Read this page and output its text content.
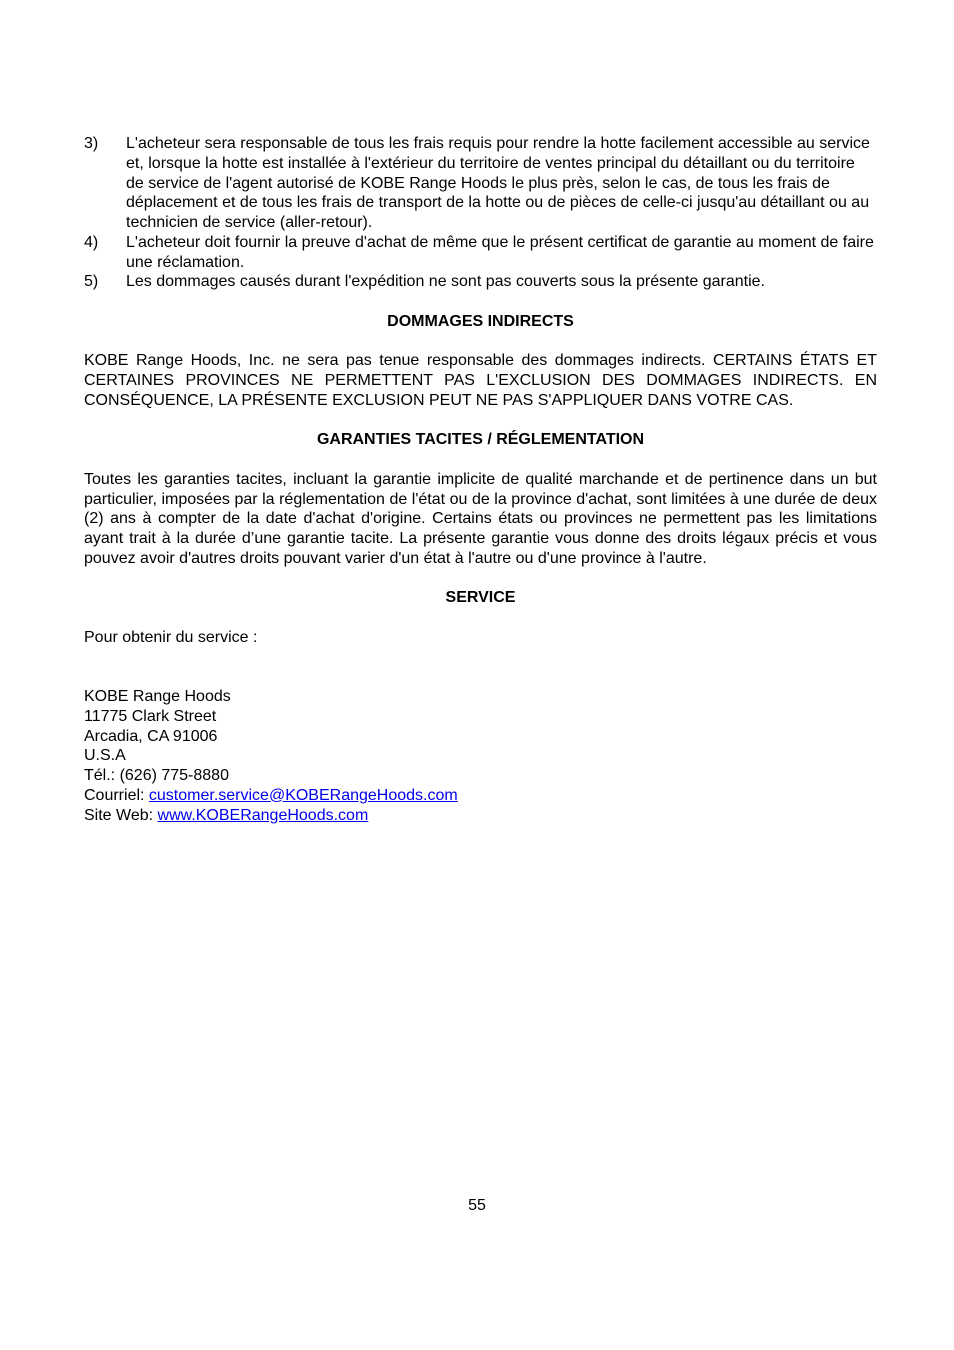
3)	L'acheteur sera responsable de tous les frais requis pour rendre la hotte facilement accessible au service et, lorsque la hotte est installée à l'extérieur du territoire de ventes principal du détaillant ou du territoire de service de l'agent autorisé de KOBE Range Hoods le plus près, selon le cas, de tous les frais de déplacement et de tous les frais de transport de la hotte ou de pièces de celle-ci jusqu'au détaillant ou au technicien de service (aller-retour).
4)	L'acheteur doit fournir la preuve d'achat de même que le présent certificat de garantie au moment de faire une réclamation.
5)	Les dommages causés durant l'expédition ne sont pas couverts sous la présente garantie.
DOMMAGES INDIRECTS

KOBE Range Hoods, Inc. ne sera pas tenue responsable des dommages indirects. CERTAINS ÉTATS ET CERTAINES PROVINCES NE PERMETTENT PAS L'EXCLUSION DES DOMMAGES INDIRECTS. EN CONSÉQUENCE, LA PRÉSENTE EXCLUSION PEUT NE PAS S'APPLIQUER DANS VOTRE CAS.

GARANTIES TACITES / RÉGLEMENTATION

Toutes les garanties tacites, incluant la garantie implicite de qualité marchande et de pertinence dans un but particulier, imposées par la réglementation de l'état ou de la province d'achat, sont limitées à une durée de deux (2) ans à compter de la date d'achat d'origine. Certains états ou provinces ne permettent pas les limitations ayant trait à la durée d’une garantie tacite. La présente garantie vous donne des droits légaux précis et vous pouvez avoir d'autres droits pouvant varier d'un état à l'autre ou d'une province à l'autre.

SERVICE

Pour obtenir du service :

KOBE Range Hoods
11775 Clark Street
Arcadia, CA 91006
U.S.A
Tél.: (626) 775-8880
Courriel: customer.service@KOBERangeHoods.com
Site Web: www.KOBERangeHoods.com
55
